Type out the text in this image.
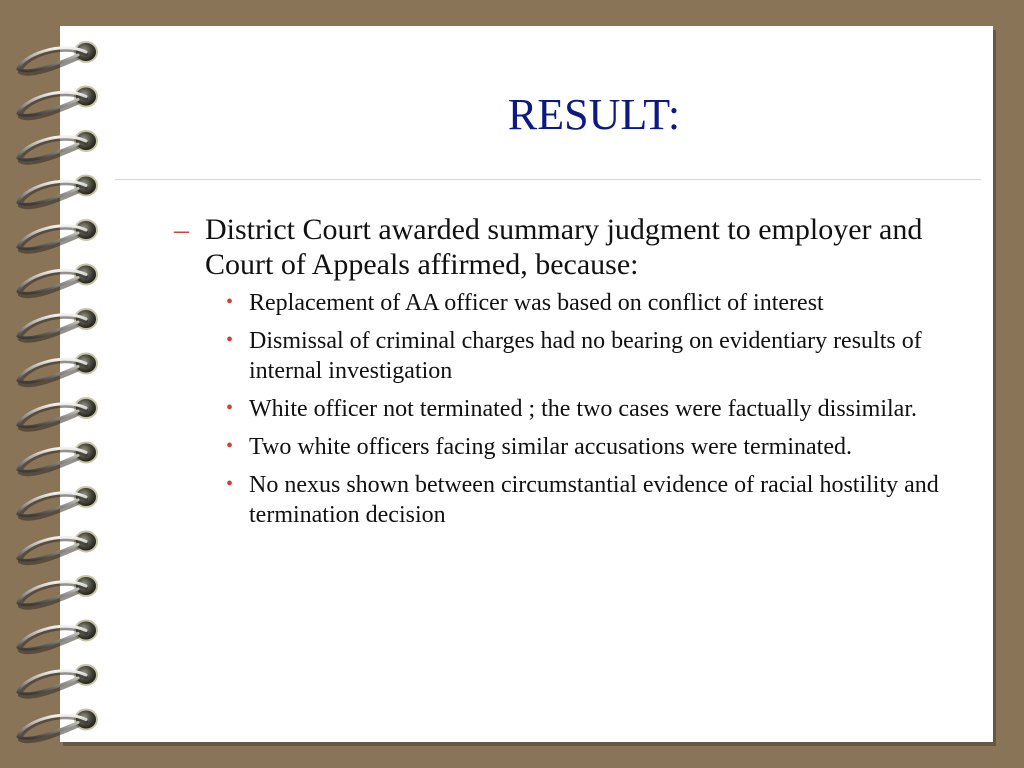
RESULT:
– District Court awarded summary judgment to employer and Court of Appeals affirmed, because:
• Replacement of AA officer was based on conflict of interest
• Dismissal of criminal charges had no bearing on evidentiary results of internal investigation
• White officer not terminated ; the two cases were factually dissimilar.
• Two white officers facing similar accusations were terminated.
• No nexus shown between circumstantial evidence of racial hostility and termination decision
